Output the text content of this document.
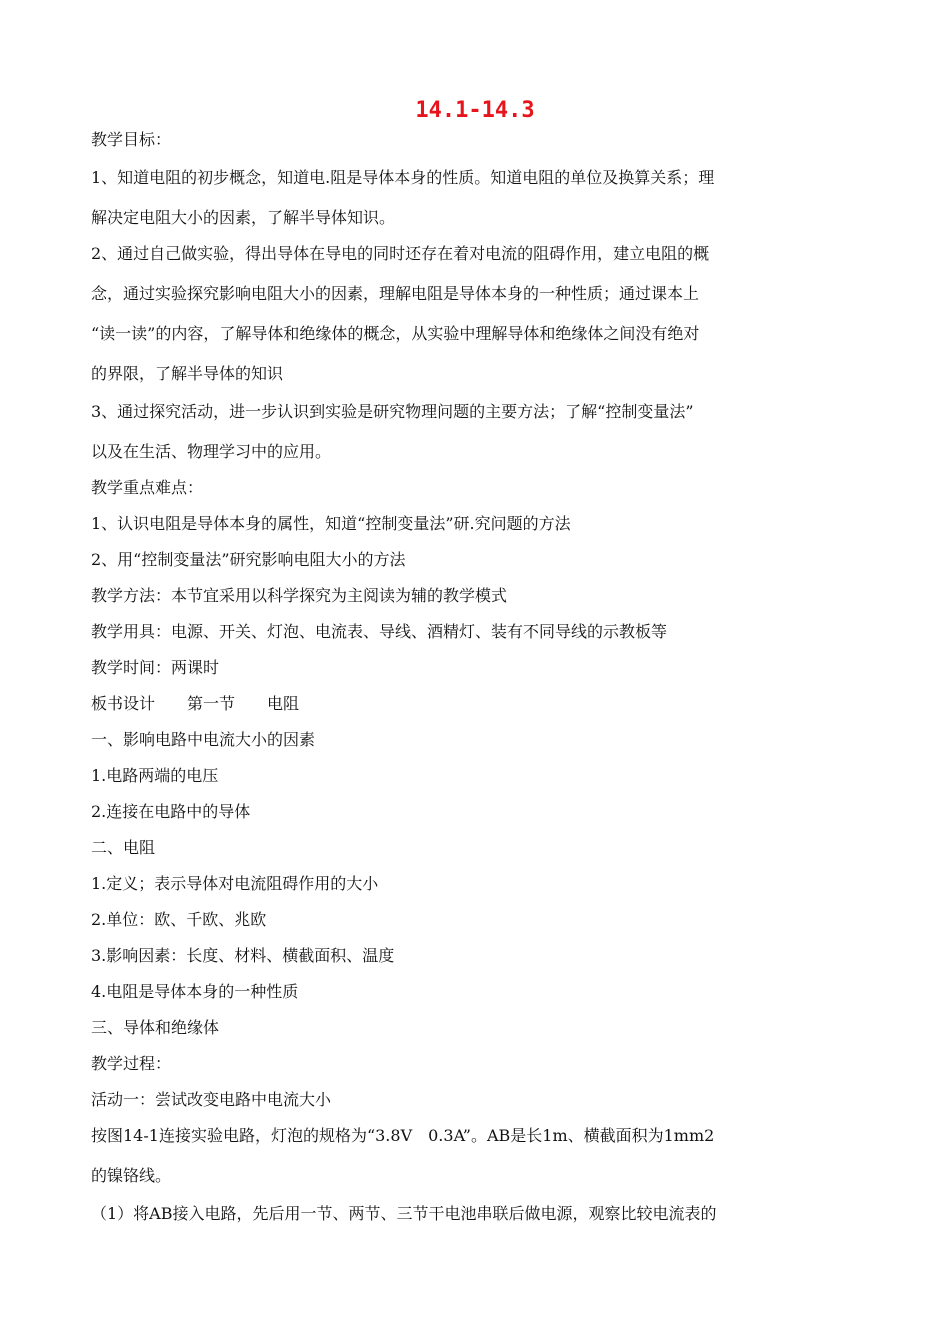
14.1-14.3
教学目标：
1、知道电阻的初步概念，知道电.阻是导体本身的性质。知道电阻的单位及换算关系；理
解决定电阻大小的因素，了解半导体知识。
2、通过自己做实验，得出导体在导电的同时还存在着对电流的阻碍作用，建立电阻的概
念，通过实验探究影响电阻大小的因素，理解电阻是导体本身的一种性质；通过课本上
“读一读”的内容，了解导体和绝缘体的概念，从实验中理解导体和绝缘体之间没有绝对
的界限，了解半导体的知识
3、通过探究活动，进一步认识到实验是研究物理问题的主要方法；了解“控制变量法”
以及在生活、物理学习中的应用。
教学重点难点：
1、认识电阻是导体本身的属性，知道“控制变量法”研.究问题的方法
2、用“控制变量法”研究影响电阻大小的方法
教学方法：本节宜采用以科学探究为主阅读为辅的教学模式
教学用具：电源、开关、灯泡、电流表、导线、酒精灯、装有不同导线的示教板等
教学时间：两课时
板书设计　　第一节　　电阻
一、影响电路中电流大小的因素
1.电路两端的电压
2.连接在电路中的导体
二、电阻
1.定义；表示导体对电流阻碍作用的大小
2.单位：欧、千欧、兆欧
3.影响因素：长度、材料、横截面积、温度
4.电阻是导体本身的一种性质
三、导体和绝缘体
教学过程：
活动一：尝试改变电路中电流大小
按图14-1连接实验电路，灯泡的规格为“3.8V　0.3A”。AB是长1m、横截面积为1mm2
的镍铬线。
（1）将AB接入电路，先后用一节、两节、三节干电池串联后做电源，观察比较电流表的
